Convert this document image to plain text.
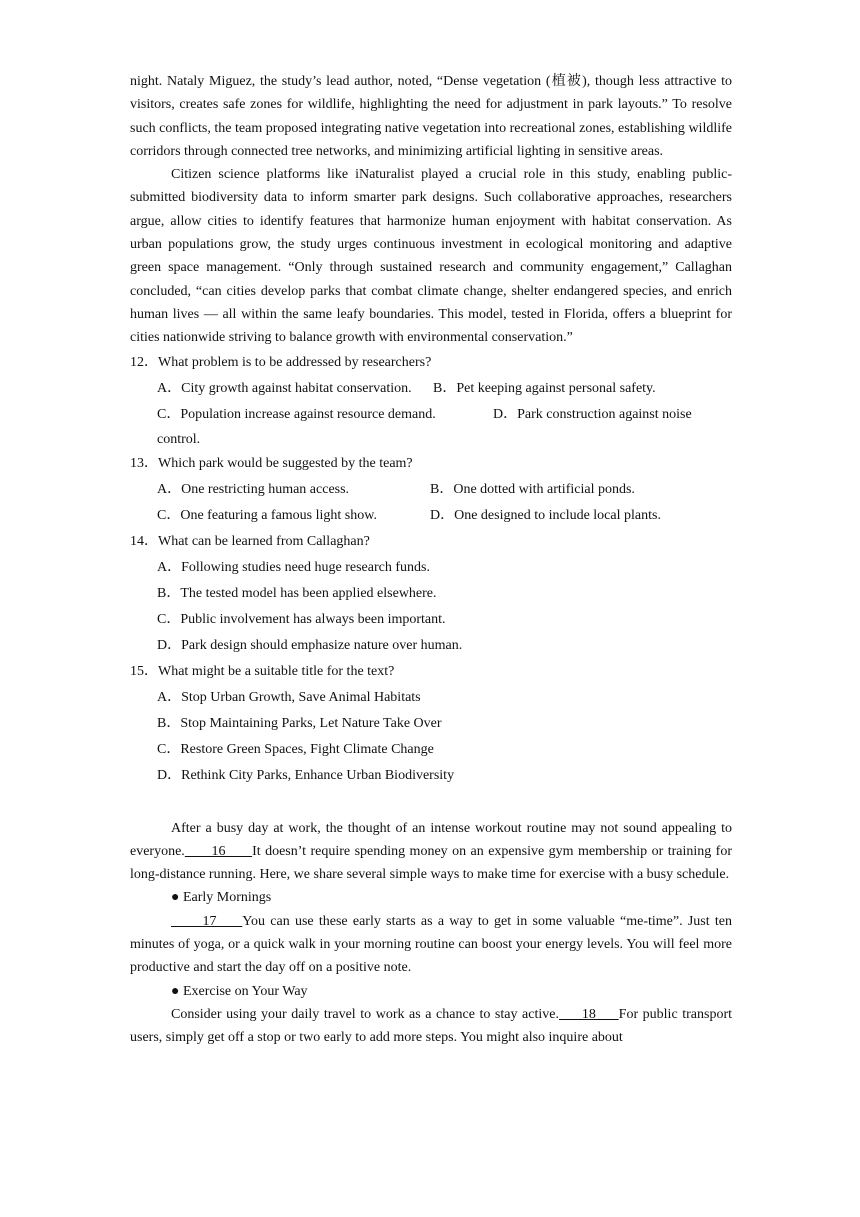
night. Nataly Miguez, the study’s lead author, noted, “Dense vegetation (植被), though less attractive to visitors, creates safe zones for wildlife, highlighting the need for adjustment in park layouts.” To resolve such conflicts, the team proposed integrating native vegetation into recreational zones, establishing wildlife corridors through connected tree networks, and minimizing artificial lighting in sensitive areas.

Citizen science platforms like iNaturalist played a crucial role in this study, enabling public-submitted biodiversity data to inform smarter park designs. Such collaborative approaches, researchers argue, allow cities to identify features that harmonize human enjoyment with habitat conservation. As urban populations grow, the study urges continuous investment in ecological monitoring and adaptive green space management. “Only through sustained research and community engagement,” Callaghan concluded, “can cities develop parks that combat climate change, shelter endangered species, and enrich human lives — all within the same leafy boundaries. This model, tested in Florida, offers a blueprint for cities nationwide striving to balance growth with environmental conservation.”

12．What problem is to be addressed by researchers?

A．City growth against habitat conservation.	B．Pet keeping against personal safety.
C．Population increase against resource demand.	D．Park construction against noise

control.

13．Which park would be suggested by the team?

A．One restricting human access.	B．One dotted with artificial ponds.
C．One featuring a famous light show.	D．One designed to include local plants.

14．What can be learned from Callaghan?

A．Following studies need huge research funds.

B．The tested model has been applied elsewhere.

C．Public involvement has always been important.

D．Park design should emphasize nature over human.

15．What might be a suitable title for the text?

A．Stop Urban Growth, Save Animal Habitats

B．Stop Maintaining Parks, Let Nature Take Over

C．Restore Green Spaces, Fight Climate Change

D．Rethink City Parks, Enhance Urban Biodiversity

After a busy day at work, the thought of an intense workout routine may not sound appealing to everyone.      16      It doesn’t require spending money on an expensive gym membership or training for long-distance running. Here, we share several simple ways to make time for exercise with a busy schedule.

● Early Mornings

17     You can use these early starts as a way to get in some valuable “me-time”. Just ten minutes of yoga, or a quick walk in your morning routine can boost your energy levels. You will feel more productive and start the day off on a positive note.

● Exercise on Your Way

Consider using your daily travel to work as a chance to stay active.     18     For public transport users, simply get off a stop or two early to add more steps. You might also inquire about
